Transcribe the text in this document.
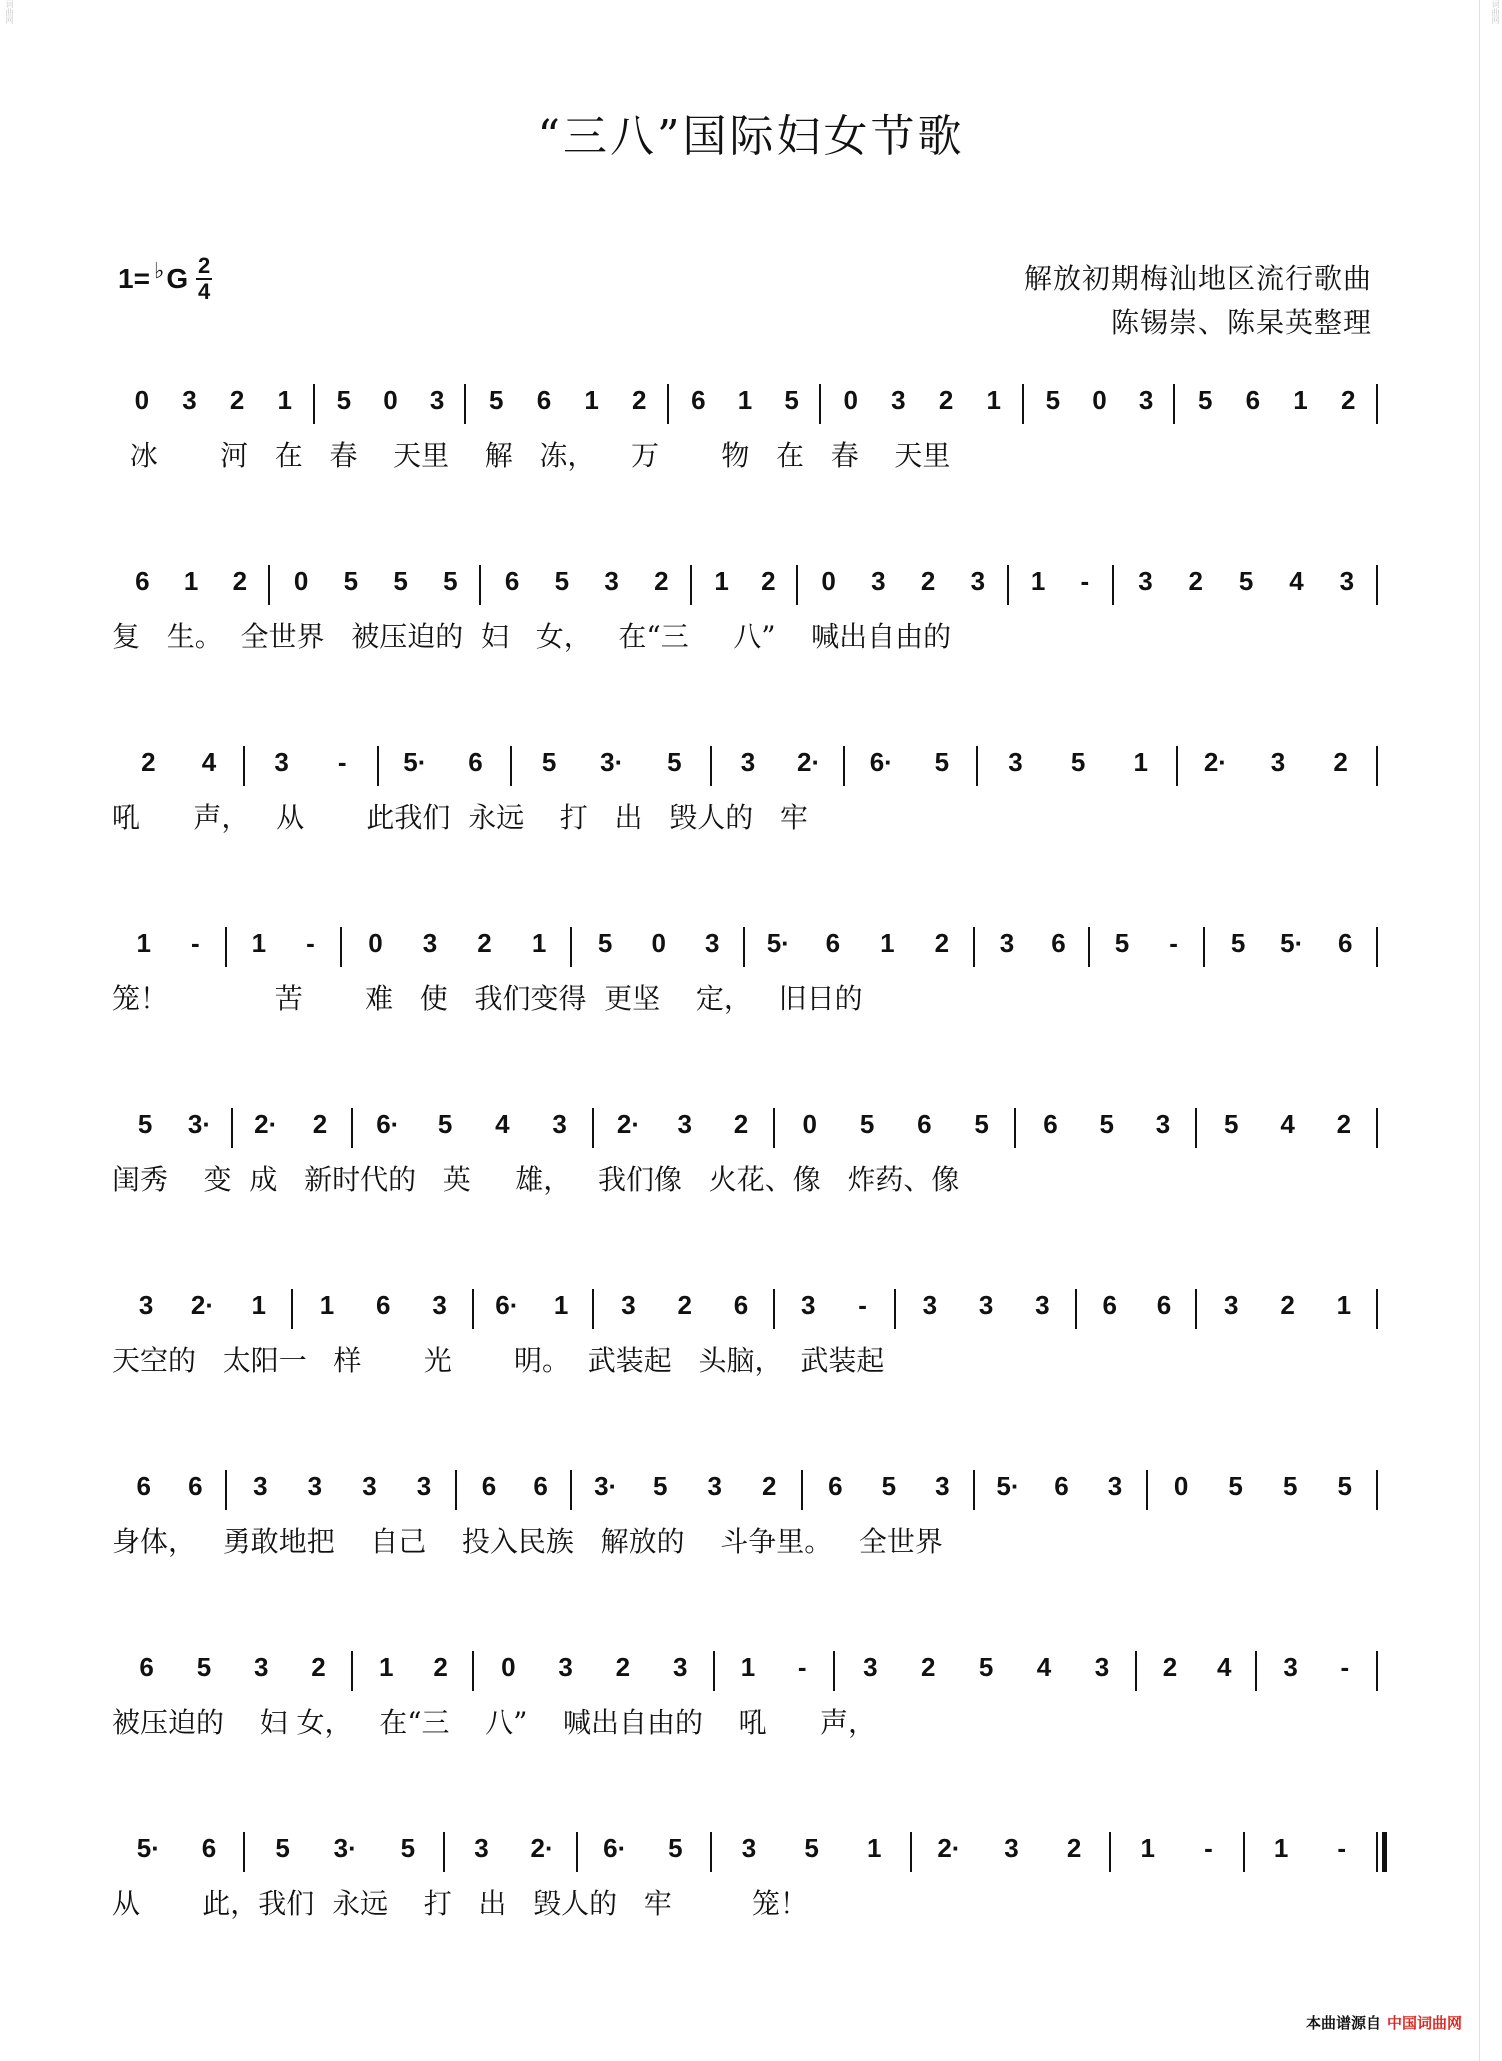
词曲网	词曲网
“三八”国际妇女节歌
1= ♭ G $\frac{2}{4}$	解放初期梅汕地区流行歌曲
陈锡崇、陈杲英整理
0	3	2	1	5	0	3	5	6	1	2	6	1	5	0	3	2	1	5	0	3	5	6	1	2
冰       河   在   春    天里    解   冻，    万       物   在   春    天里
6	1	2	0	5	5	5	6	5	3	2	1	2	0	3	2	3	1	-	3	2	5	4	3
复   生。  全世界   被压迫的  妇   女，   在“三     八”    喊出自由的
2	4	3	-	5·	6	5	3·	5	3	2·	6·	5	3	5	1	2·	3	2
吼      声，   从       此我们  永远    打   出   毁人的   牢
1	-	1	-	0	3	2	1	5	0	3	5·	6	1	2	3	6	5	-	5	5·	6
笼！            苦       难   使   我们变得  更坚    定，   旧日的
5	3·	2·	2	6·	5	4	3	2·	3	2	0	5	6	5	6	5	3	5	4	2
闺秀    变  成   新时代的   英     雄，   我们像   火花、像   炸药、像
3	2·	1	1	6	3	6·	1	3	2	6	3	-	3	3	3	6	6	3	2	1
天空的   太阳一   样       光       明。  武装起   头脑，  武装起
6	6	3	3	3	3	6	6	3·	5	3	2	6	5	3	5·	6	3	0	5	5	5
身体，   勇敢地把    自己    投入民族   解放的    斗争里。   全世界
6	5	3	2	1	2	0	3	2	3	1	-	3	2	5	4	3	2	4	3	-
被压迫的    妇 女，   在“三    八”    喊出自由的    吼      声，
5·	6	5	3·	5	3	2·	6·	5	3	5	1	2·	3	2	1	-	1	-
从       此，我们  永远    打   出   毁人的   牢         笼！
本曲谱源自 中国词曲网
